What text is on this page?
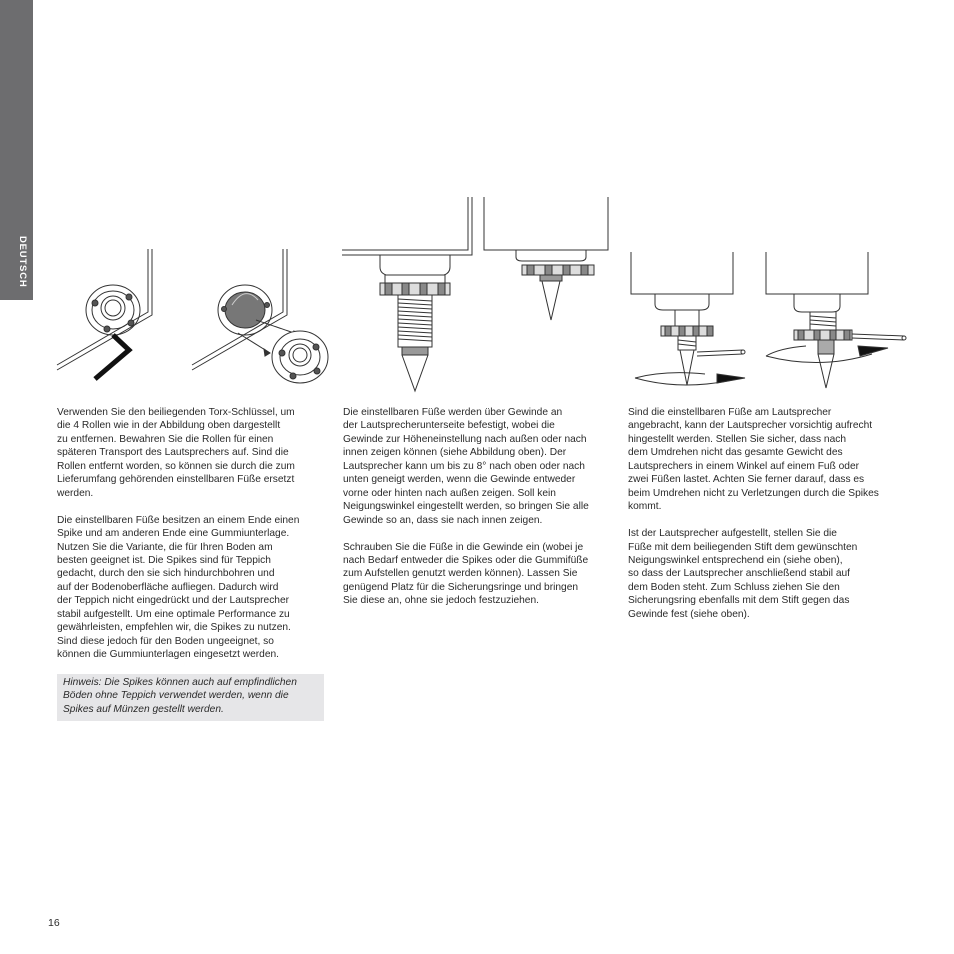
DEUTSCH

Verwenden Sie den beiliegenden Torx-Schlüssel, um
die 4 Rollen wie in der Abbildung oben dargestellt
zu entfernen. Bewahren Sie die Rollen für einen
späteren Transport des Lautsprechers auf. Sind die
Rollen entfernt worden, so können sie durch die zum
Lieferumfang gehörenden einstellbaren Füße ersetzt
werden.

Die einstellbaren Füße besitzen an einem Ende einen
Spike und am anderen Ende eine Gummiunterlage.
Nutzen Sie die Variante, die für Ihren Boden am
besten geeignet ist. Die Spikes sind für Teppich
gedacht, durch den sie sich hindurchbohren und
auf der Bodenoberfläche aufliegen. Dadurch wird
der Teppich nicht eingedrückt und der Lautsprecher
stabil aufgestellt. Um eine optimale Performance zu
gewährleisten, empfehlen wir, die Spikes zu nutzen.
Sind diese jedoch für den Boden ungeeignet, so
können die Gummiunterlagen eingesetzt werden.

Hinweis: Die Spikes können auch auf empfindlichen
Böden ohne Teppich verwendet werden, wenn die
Spikes auf Münzen gestellt werden.

Die einstellbaren Füße werden über Gewinde an
der Lautsprecherunterseite befestigt, wobei die
Gewinde zur Höheneinstellung nach außen oder nach
innen zeigen können (siehe Abbildung oben). Der
Lautsprecher kann um bis zu 8° nach oben oder nach
unten geneigt werden, wenn die Gewinde entweder
vorne oder hinten nach außen zeigen. Soll kein
Neigungswinkel eingestellt werden, so bringen Sie alle
Gewinde so an, dass sie nach innen zeigen.

Schrauben Sie die Füße in die Gewinde ein (wobei je
nach Bedarf entweder die Spikes oder die Gummifüße
zum Aufstellen genutzt werden können). Lassen Sie
genügend Platz für die Sicherungsringe und bringen
Sie diese an, ohne sie jedoch festzuziehen.

Sind die einstellbaren Füße am Lautsprecher
angebracht, kann der Lautsprecher vorsichtig aufrecht
hingestellt werden. Stellen Sie sicher, dass nach
dem Umdrehen nicht das gesamte Gewicht des
Lautsprechers in einem Winkel auf einem Fuß oder
zwei Füßen lastet. Achten Sie ferner darauf, dass es
beim Umdrehen nicht zu Verletzungen durch die Spikes
kommt.

Ist der Lautsprecher aufgestellt, stellen Sie die
Füße mit dem beiliegenden Stift dem gewünschten
Neigungswinkel entsprechend ein (siehe oben),
so dass der Lautsprecher anschließend stabil auf
dem Boden steht. Zum Schluss ziehen Sie den
Sicherungsring ebenfalls mit dem Stift gegen das
Gewinde fest (siehe oben).

16
